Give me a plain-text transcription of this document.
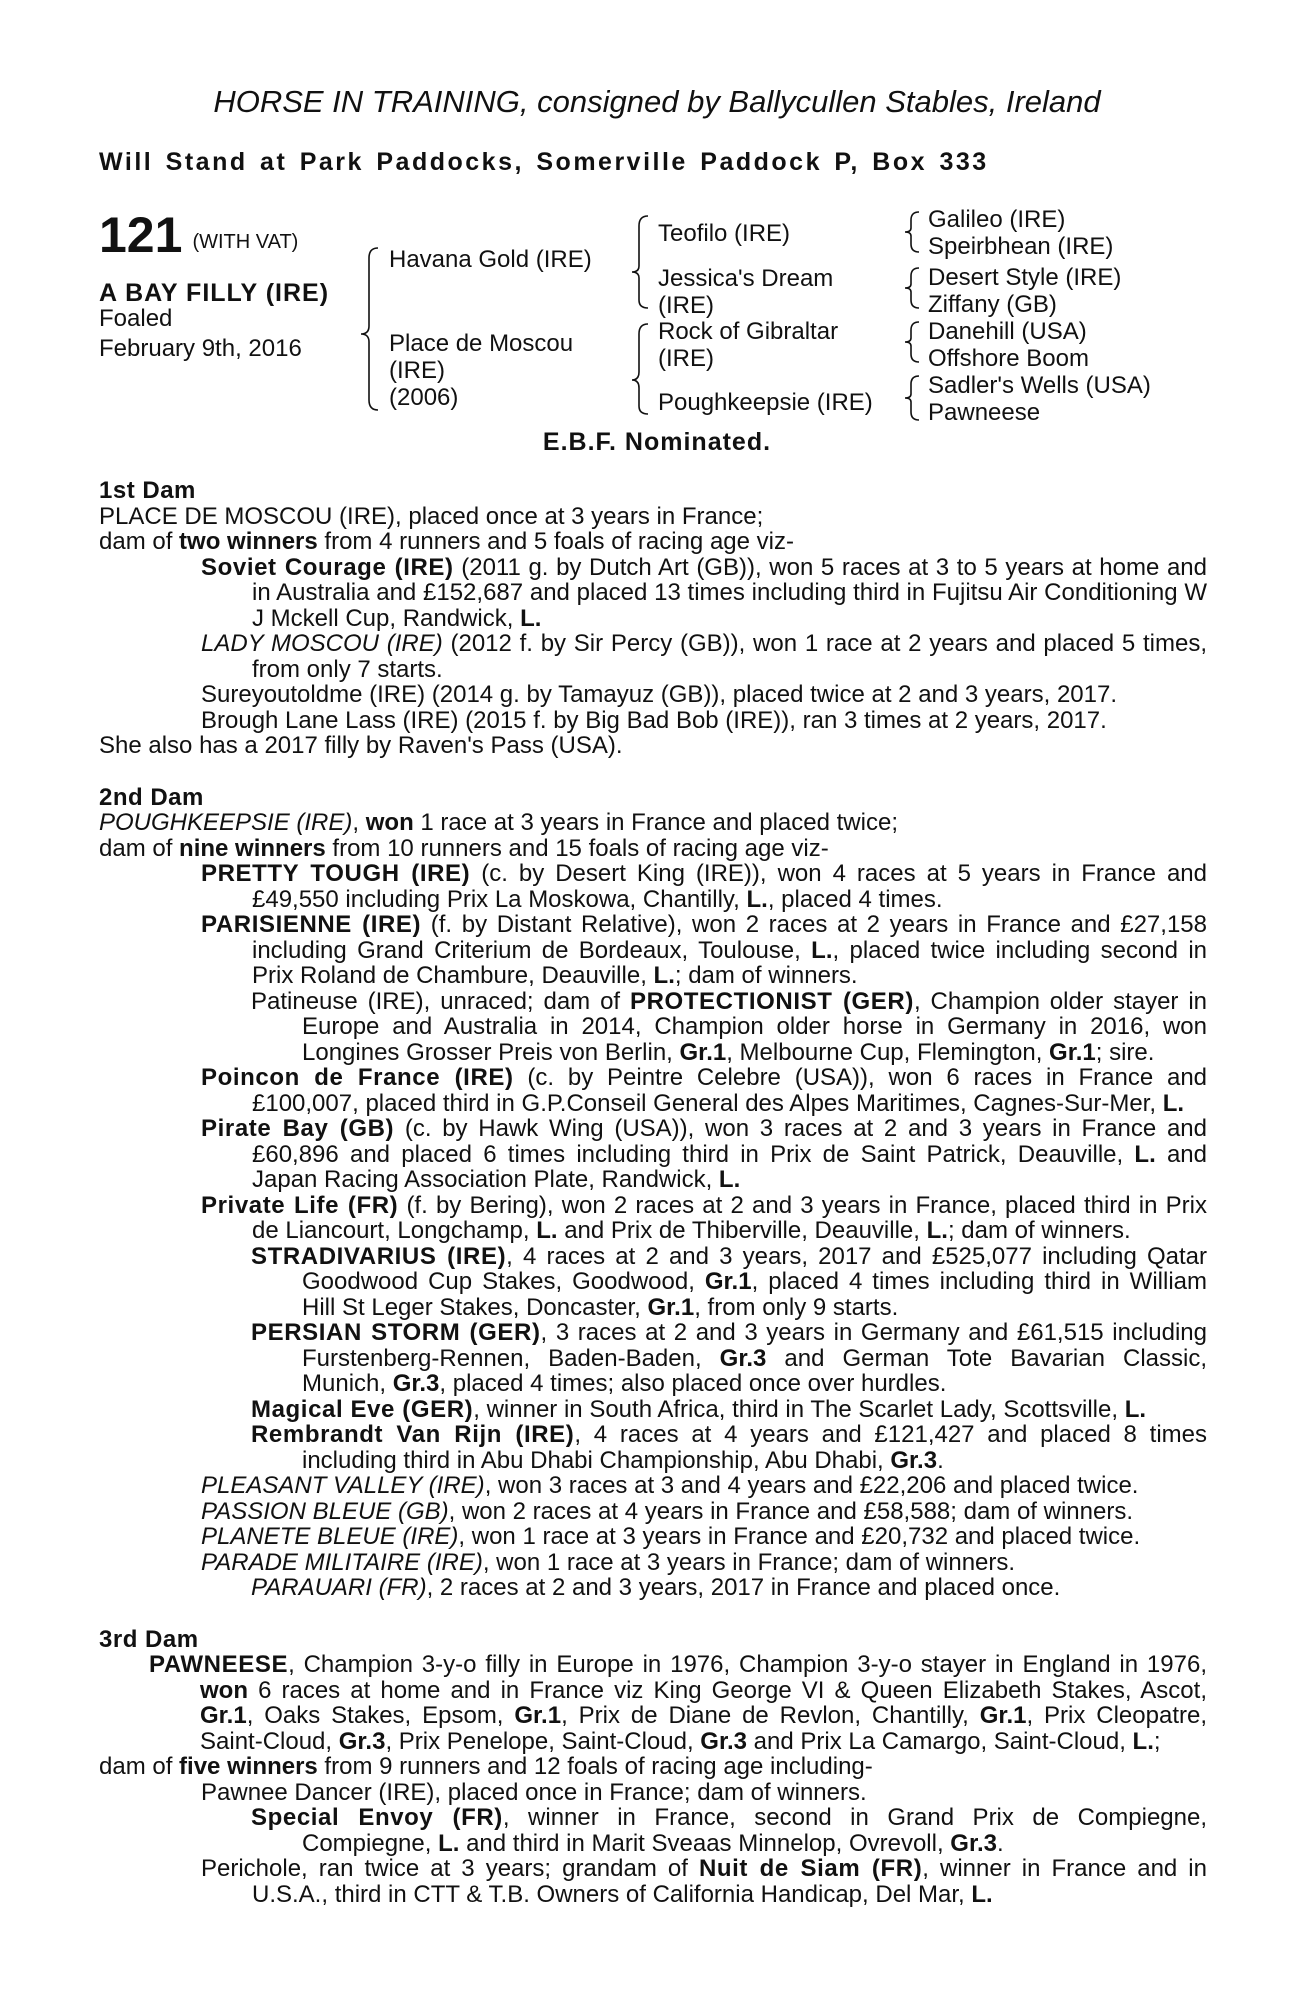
HORSE IN TRAINING, consigned by Ballycullen Stables, Ireland
Will Stand at Park Paddocks, Somerville Paddock P, Box 333
121 (WITH VAT)
A BAY FILLY (IRE)
Foaled
February 9th, 2016
Havana Gold (IRE)
Place de Moscou
(IRE)
(2006)
Teofilo (IRE)
Jessica's Dream
(IRE)
Rock of Gibraltar
(IRE)
Poughkeepsie (IRE)
Galileo (IRE)
Speirbhean (IRE)
Desert Style (IRE)
Ziffany (GB)
Danehill (USA)
Offshore Boom
Sadler's Wells (USA)
Pawneese
E.B.F. Nominated.

1st Dam

PLACE DE MOSCOU (IRE), placed once at 3 years in France;

dam of two winners from 4 runners and 5 foals of racing age viz-

Soviet Courage (IRE) (2011 g. by Dutch Art (GB)), won 5 races at 3 to 5 years at home and in Australia and £152,687 and placed 13 times including third in Fujitsu Air Conditioning W J Mckell Cup, Randwick, L.

LADY MOSCOU (IRE) (2012 f. by Sir Percy (GB)), won 1 race at 2 years and placed 5 times, from only 7 starts.

Sureyoutoldme (IRE) (2014 g. by Tamayuz (GB)), placed twice at 2 and 3 years, 2017.

Brough Lane Lass (IRE) (2015 f. by Big Bad Bob (IRE)), ran 3 times at 2 years, 2017.

She also has a 2017 filly by Raven's Pass (USA).

2nd Dam

POUGHKEEPSIE (IRE), won 1 race at 3 years in France and placed twice;

dam of nine winners from 10 runners and 15 foals of racing age viz-

PRETTY TOUGH (IRE) (c. by Desert King (IRE)), won 4 races at 5 years in France and £49,550 including Prix La Moskowa, Chantilly, L., placed 4 times.

PARISIENNE (IRE) (f. by Distant Relative), won 2 races at 2 years in France and £27,158 including Grand Criterium de Bordeaux, Toulouse, L., placed twice including second in Prix Roland de Chambure, Deauville, L.; dam of winners.

Patineuse (IRE), unraced; dam of PROTECTIONIST (GER), Champion older stayer in Europe and Australia in 2014, Champion older horse in Germany in 2016, won Longines Grosser Preis von Berlin, Gr.1, Melbourne Cup, Flemington, Gr.1; sire.

Poincon de France (IRE) (c. by Peintre Celebre (USA)), won 6 races in France and £100,007, placed third in G.P.Conseil General des Alpes Maritimes, Cagnes-Sur-Mer, L.

Pirate Bay (GB) (c. by Hawk Wing (USA)), won 3 races at 2 and 3 years in France and £60,896 and placed 6 times including third in Prix de Saint Patrick, Deauville, L. and Japan Racing Association Plate, Randwick, L.

Private Life (FR) (f. by Bering), won 2 races at 2 and 3 years in France, placed third in Prix de Liancourt, Longchamp, L. and Prix de Thiberville, Deauville, L.; dam of winners.

STRADIVARIUS (IRE), 4 races at 2 and 3 years, 2017 and £525,077 including Qatar Goodwood Cup Stakes, Goodwood, Gr.1, placed 4 times including third in William Hill St Leger Stakes, Doncaster, Gr.1, from only 9 starts.

PERSIAN STORM (GER), 3 races at 2 and 3 years in Germany and £61,515 including Furstenberg-Rennen, Baden-Baden, Gr.3 and German Tote Bavarian Classic, Munich, Gr.3, placed 4 times; also placed once over hurdles.

Magical Eve (GER), winner in South Africa, third in The Scarlet Lady, Scottsville, L.

Rembrandt Van Rijn (IRE), 4 races at 4 years and £121,427 and placed 8 times including third in Abu Dhabi Championship, Abu Dhabi, Gr.3.

PLEASANT VALLEY (IRE), won 3 races at 3 and 4 years and £22,206 and placed twice.

PASSION BLEUE (GB), won 2 races at 4 years in France and £58,588; dam of winners.

PLANETE BLEUE (IRE), won 1 race at 3 years in France and £20,732 and placed twice.

PARADE MILITAIRE (IRE), won 1 race at 3 years in France; dam of winners.

PARAUARI (FR), 2 races at 2 and 3 years, 2017 in France and placed once.

3rd Dam

PAWNEESE, Champion 3-y-o filly in Europe in 1976, Champion 3-y-o stayer in England in 1976, won 6 races at home and in France viz King George VI & Queen Elizabeth Stakes, Ascot, Gr.1, Oaks Stakes, Epsom, Gr.1, Prix de Diane de Revlon, Chantilly, Gr.1, Prix Cleopatre, Saint-Cloud, Gr.3, Prix Penelope, Saint-Cloud, Gr.3 and Prix La Camargo, Saint-Cloud, L.;

dam of five winners from 9 runners and 12 foals of racing age including-

Pawnee Dancer (IRE), placed once in France; dam of winners.

Special Envoy (FR), winner in France, second in Grand Prix de Compiegne, Compiegne, L. and third in Marit Sveaas Minnelop, Ovrevoll, Gr.3.

Perichole, ran twice at 3 years; grandam of Nuit de Siam (FR), winner in France and in U.S.A., third in CTT & T.B. Owners of California Handicap, Del Mar, L.
